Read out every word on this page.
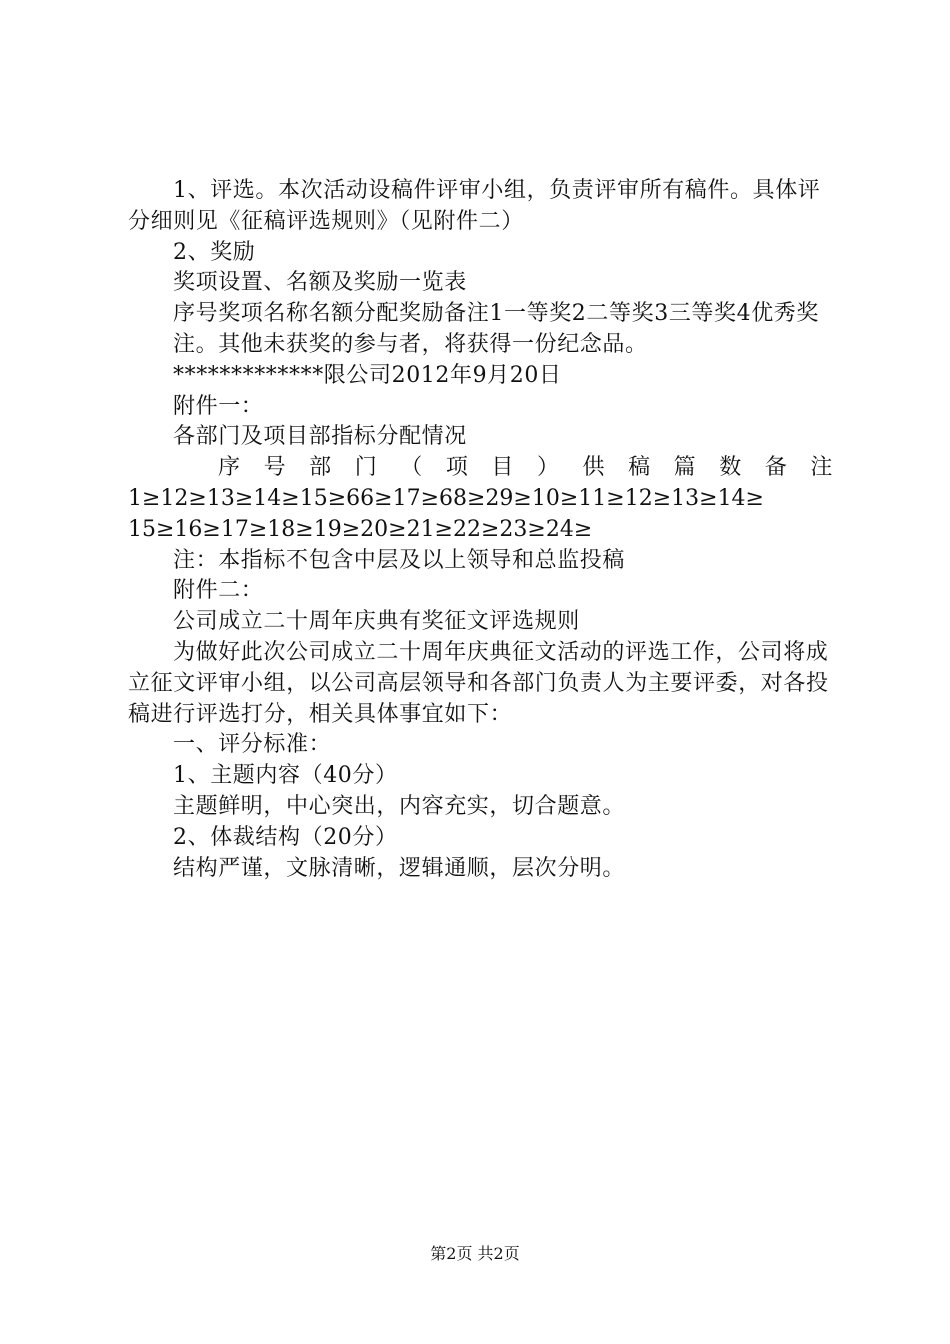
1、评选。本次活动设稿件评审小组，负责评审所有稿件。具体评分细则见《征稿评选规则》（见附件二）

2、奖励

奖项设置、名额及奖励一览表

序号奖项名称名额分配奖励备注1一等奖2二等奖3三等奖4优秀奖

注。其他未获奖的参与者，将获得一份纪念品。

*************限公司2012年9月20日

附件一：

各部门及项目部指标分配情况

序 号 部 门 （ 项 目 ） 供 稿 篇 数 备 注

1≥12≥13≥14≥15≥66≥17≥68≥29≥10≥11≥12≥13≥14≥

15≥16≥17≥18≥19≥20≥21≥22≥23≥24≥

注：本指标不包含中层及以上领导和总监投稿

附件二：

公司成立二十周年庆典有奖征文评选规则

为做好此次公司成立二十周年庆典征文活动的评选工作，公司将成立征文评审小组，以公司高层领导和各部门负责人为主要评委，对各投稿进行评选打分，相关具体事宜如下：

一、评分标准：

1、主题内容（40分）

主题鲜明，中心突出，内容充实，切合题意。

2、体裁结构（20分）

结构严谨，文脉清晰，逻辑通顺，层次分明。

第2页 共2页
